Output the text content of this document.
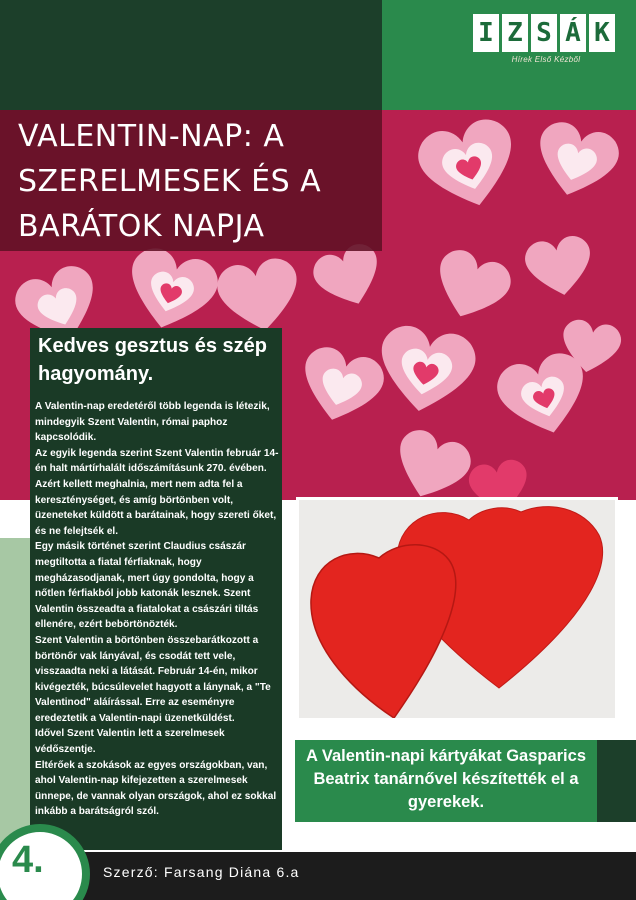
I Z S Á K
Hírek Első Kézből
VALENTIN-NAP: A SZERELMESEK ÉS A BARÁTOK NAPJA
Kedves gesztus és szép hagyomány.

A Valentin-nap eredetéről több legenda is létezik, mindegyik Szent Valentin, római paphoz kapcsolódik.

Az egyik legenda szerint Szent Valentin február 14-én halt mártírhalált időszámításunk 270. évében. Azért kellett meghalnia, mert nem adta fel a kereszténységet, és amíg börtönben volt, üzeneteket küldött a barátainak, hogy szereti őket, és ne felejtsék el.

Egy másik történet szerint Claudius császár megtiltotta a fiatal férfiaknak, hogy megházasodjanak, mert úgy gondolta, hogy a nőtlen férfiakból jobb katonák lesznek. Szent Valentin összeadta a fiatalokat a császári tiltás ellenére, ezért bebörtönözték.

Szent Valentin a börtönben összebarátkozott a börtönőr vak lányával, és csodát tett vele, visszaadta neki a látását. Február 14-én, mikor kivégezték, búcsúlevelet hagyott a lánynak, a "Te Valentinod" aláírással. Erre az eseményre eredeztetik a Valentin-napi üzenetküldést.

Idővel Szent Valentin lett a szerelmesek védőszentje.

Eltérőek a szokások az egyes országokban, van, ahol Valentin-nap kifejezetten a szerelmesek ünnepe, de vannak olyan országok, ahol ez sokkal inkább a barátságról szól.

A Valentin-napi kártyákat Gasparics Beatrix tanárnővel készítették el a gyerekek.

4.	Szerző: Farsang Diána 6.a
